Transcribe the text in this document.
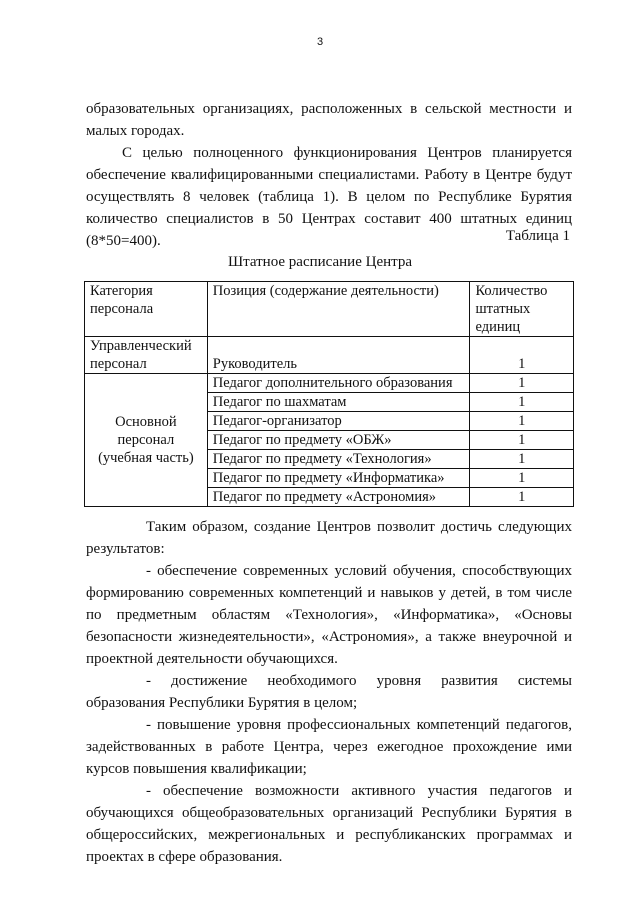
3

образовательных организациях, расположенных в сельской местности и малых городах.

С целью полноценного функционирования Центров планируется обеспечение квалифицированными специалистами. Работу в Центре будут осуществлять 8 человек (таблица 1). В целом по Республике Бурятия количество специалистов в 50 Центрах составит 400 штатных единиц (8*50=400).	Таблица 1
Штатное расписание Центра
Категория персонала	Позиция (содержание деятельности)	Количество штатных единиц
Управленческий персонал	Руководитель	1
Основной персонал (учебная часть)	Педагог дополнительного образования	1
	Педагог по шахматам	1
	Педагог-организатор	1
	Педагог по предмету «ОБЖ»	1
	Педагог по предмету «Технология»	1
	Педагог по предмету «Информатика»	1
	Педагог по предмету «Астрономия»	1

Таким образом, создание Центров позволит достичь следующих результатов:

- обеспечение современных условий обучения, способствующих формированию современных компетенций и навыков у детей, в том числе по предметным областям «Технология», «Информатика», «Основы безопасности жизнедеятельности», «Астрономия», а также внеурочной и проектной деятельности обучающихся.

- достижение необходимого уровня развития системы образования Республики Бурятия в целом;

- повышение уровня профессиональных компетенций педагогов, задействованных в работе Центра, через ежегодное прохождение ими курсов повышения квалификации;

- обеспечение возможности активного участия педагогов и обучающихся общеобразовательных организаций Республики Бурятия в общероссийских, межрегиональных и республиканских программах и проектах в сфере образования.
